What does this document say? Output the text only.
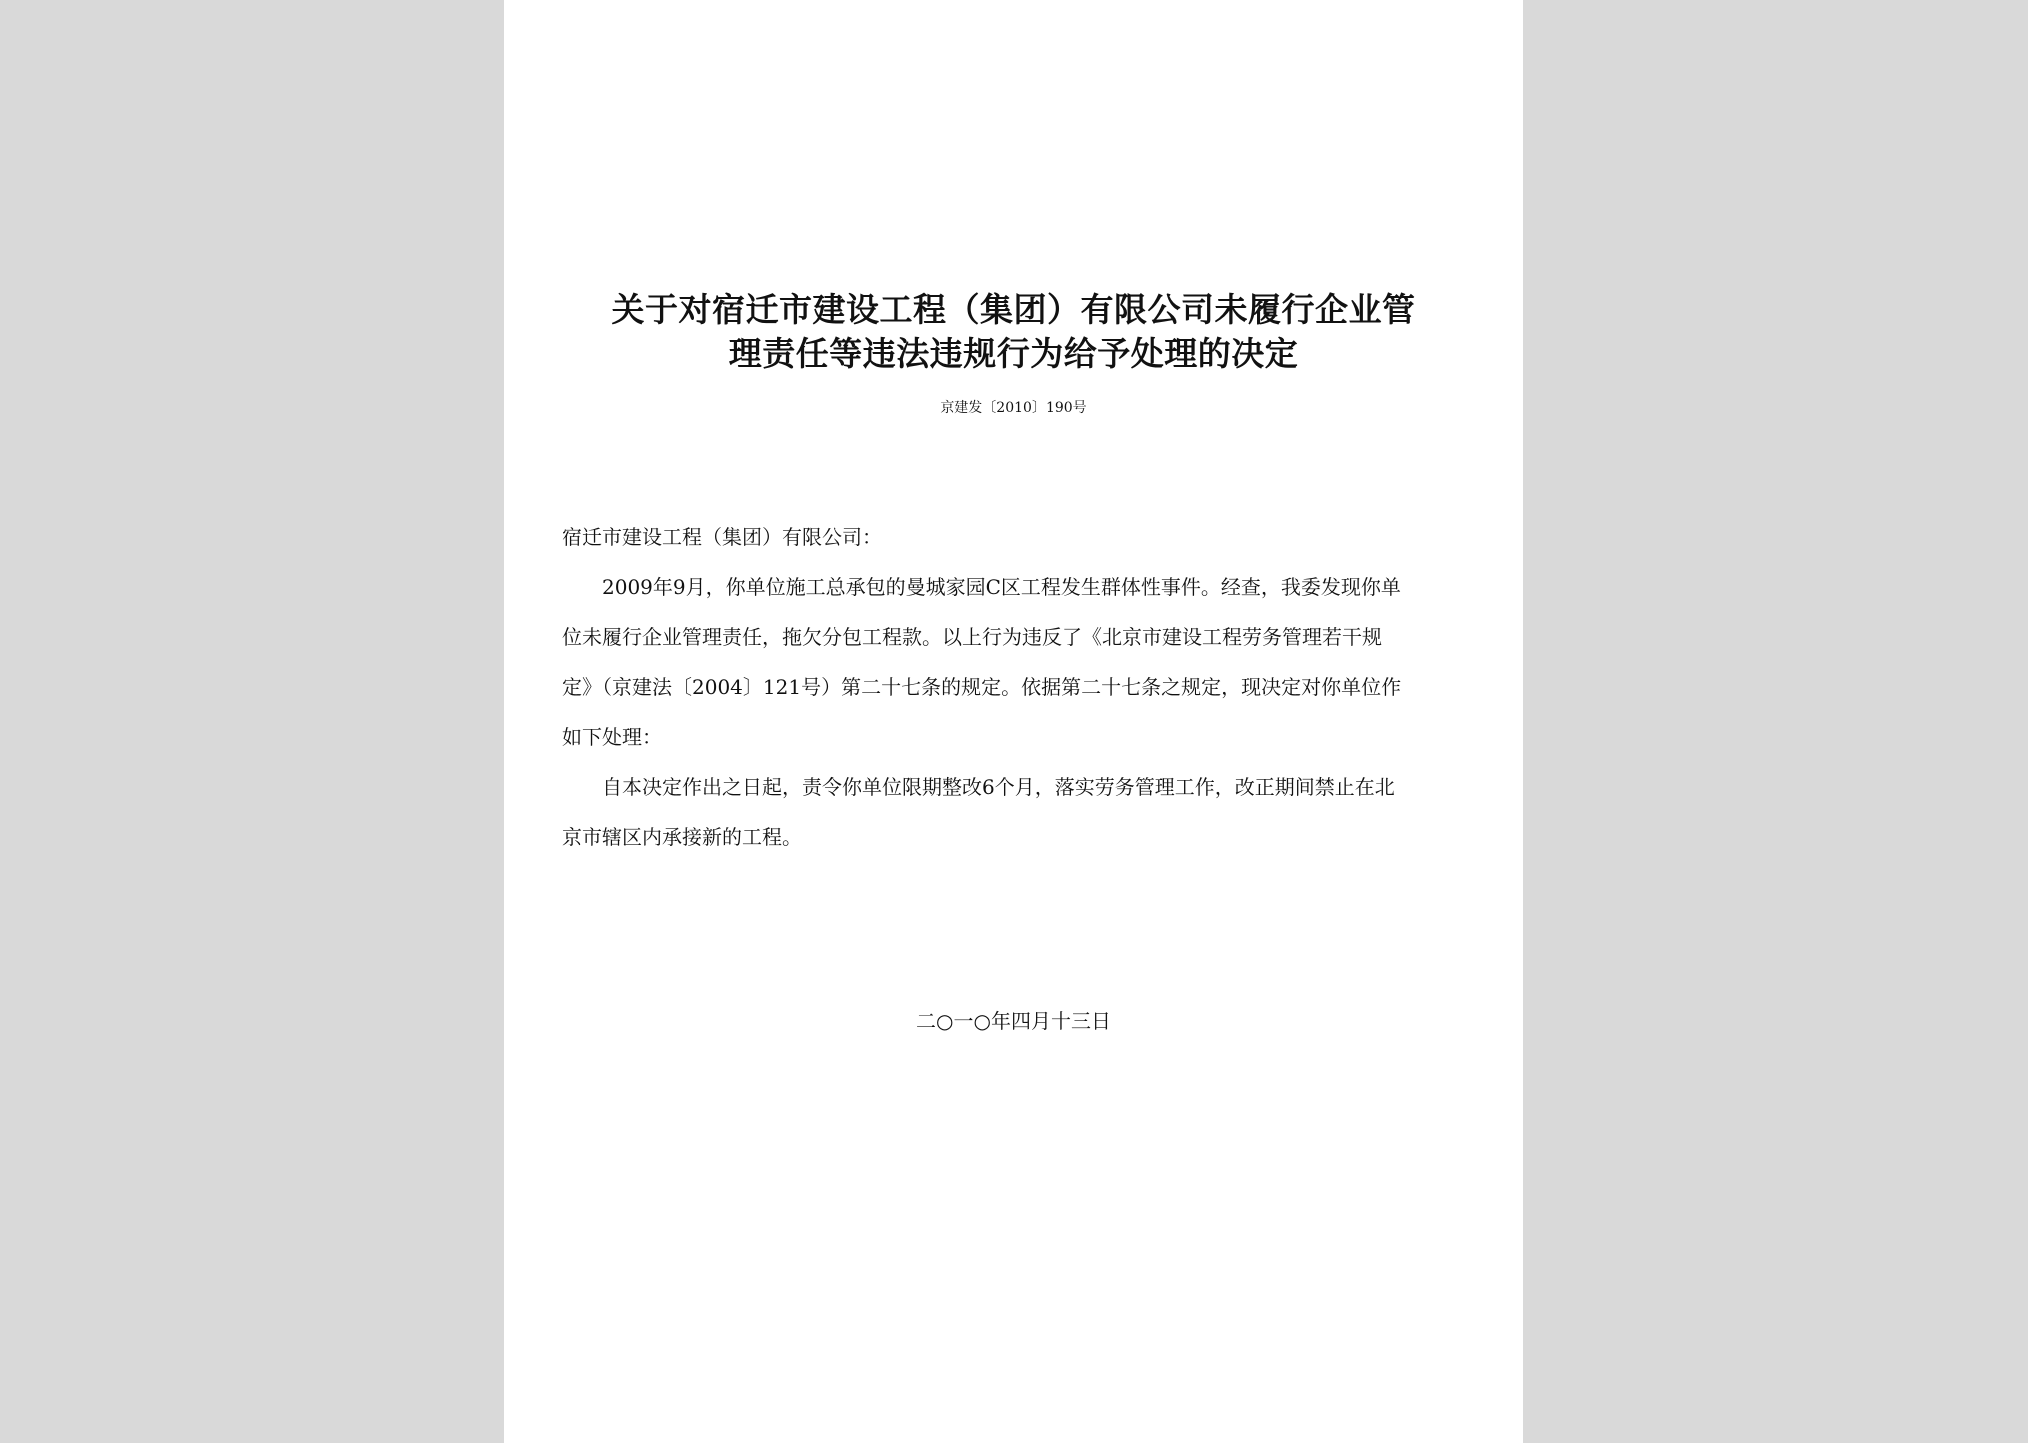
关于对宿迁市建设工程（集团）有限公司未履行企业管
理责任等违法违规行为给予处理的决定
京建发〔2010〕190号
宿迁市建设工程（集团）有限公司：
2009年9月，你单位施工总承包的曼城家园C区工程发生群体性事件。经查，我委发现你单
位未履行企业管理责任，拖欠分包工程款。以上行为违反了《北京市建设工程劳务管理若干规
定》（京建法〔2004〕121号）第二十七条的规定。依据第二十七条之规定，现决定对你单位作
如下处理：
自本决定作出之日起，责令你单位限期整改6个月，落实劳务管理工作，改正期间禁止在北
京市辖区内承接新的工程。
二○一○年四月十三日
